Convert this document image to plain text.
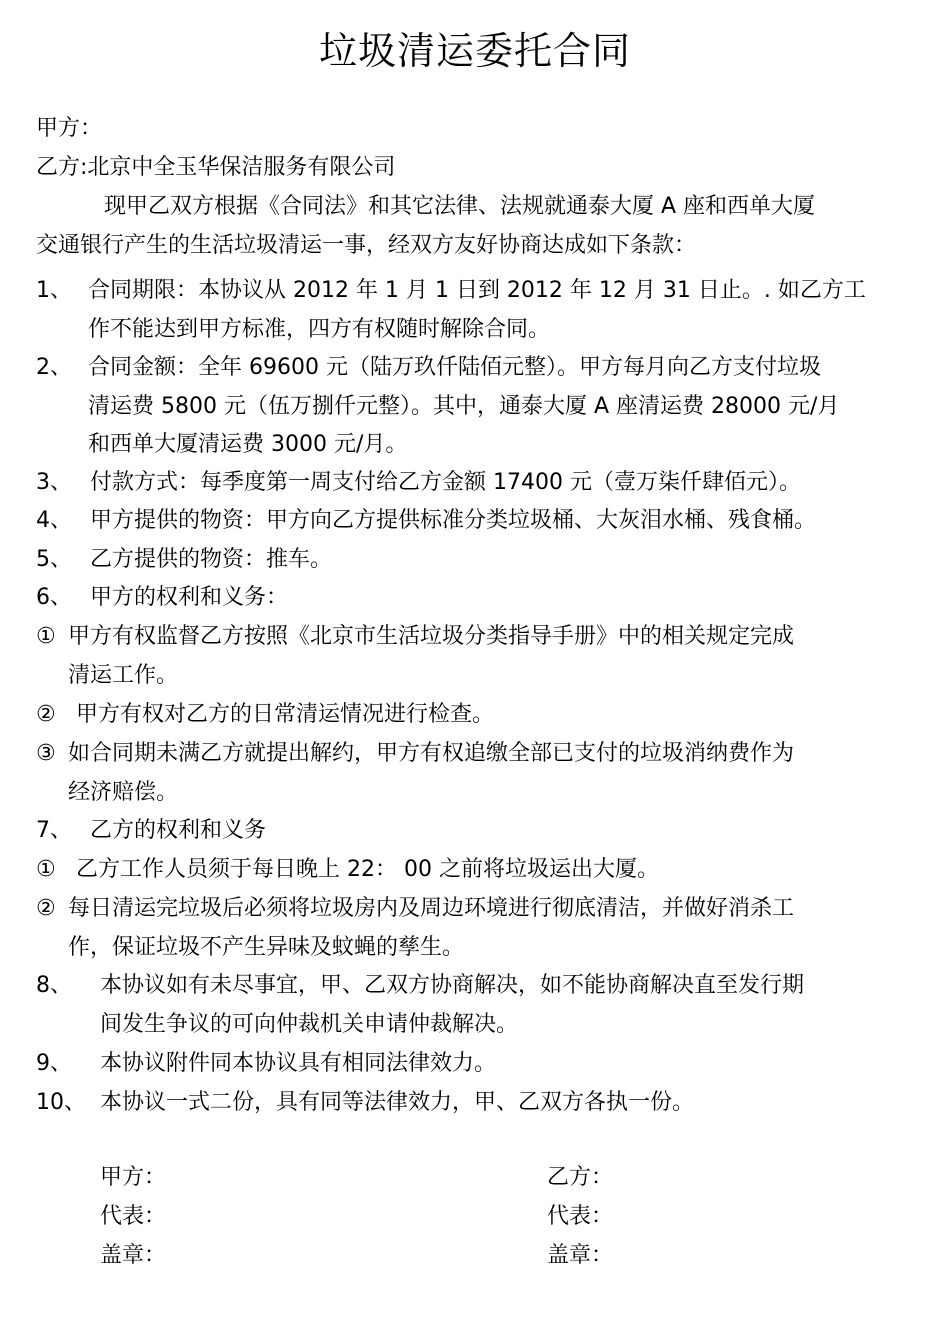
垃圾清运委托合同
甲方：
乙方:北京中全玉华保洁服务有限公司
现甲乙双方根据《合同法》和其它法律、法规就通泰大厦 A 座和西单大厦
交通银行产生的生活垃圾清运一事，经双方友好协商达成如下条款：
1、 合同期限：本协议从 2012 年 1 月 1 日到 2012 年 12 月 31 日止。. 如乙方工
作不能达到甲方标准，四方有权随时解除合同。
2、 合同金额：全年 69600 元（陆万玖仟陆佰元整）。甲方每月向乙方支付垃圾
清运费 5800 元（伍万捌仟元整）。其中，通泰大厦 A 座清运费 28000 元/月
和西单大厦清运费 3000 元/月。
3、 付款方式：每季度第一周支付给乙方金额 17400 元（壹万柒仟肆佰元）。
4、 甲方提供的物资：甲方向乙方提供标准分类垃圾桶、大灰泪水桶、残食桶。
5、 乙方提供的物资：推车。
6、 甲方的权利和义务：
① 甲方有权监督乙方按照《北京市生活垃圾分类指导手册》中的相关规定完成
清运工作。
② 甲方有权对乙方的日常清运情况进行检查。
③ 如合同期未满乙方就提出解约，甲方有权追缴全部已支付的垃圾消纳费作为
经济赔偿。
7、 乙方的权利和义务
① 乙方工作人员须于每日晚上 22： 00 之前将垃圾运出大厦。
② 每日清运完垃圾后必须将垃圾房内及周边环境进行彻底清洁，并做好消杀工
作，保证垃圾不产生异味及蚊蝇的孳生。
8、 本协议如有未尽事宜，甲、乙双方协商解决，如不能协商解决直至发行期
间发生争议的可向仲裁机关申请仲裁解决。
9、 本协议附件同本协议具有相同法律效力。
10、 本协议一式二份，具有同等法律效力，甲、乙双方各执一份。
甲方：
代表：
盖章：
乙方：
代表：
盖章：
